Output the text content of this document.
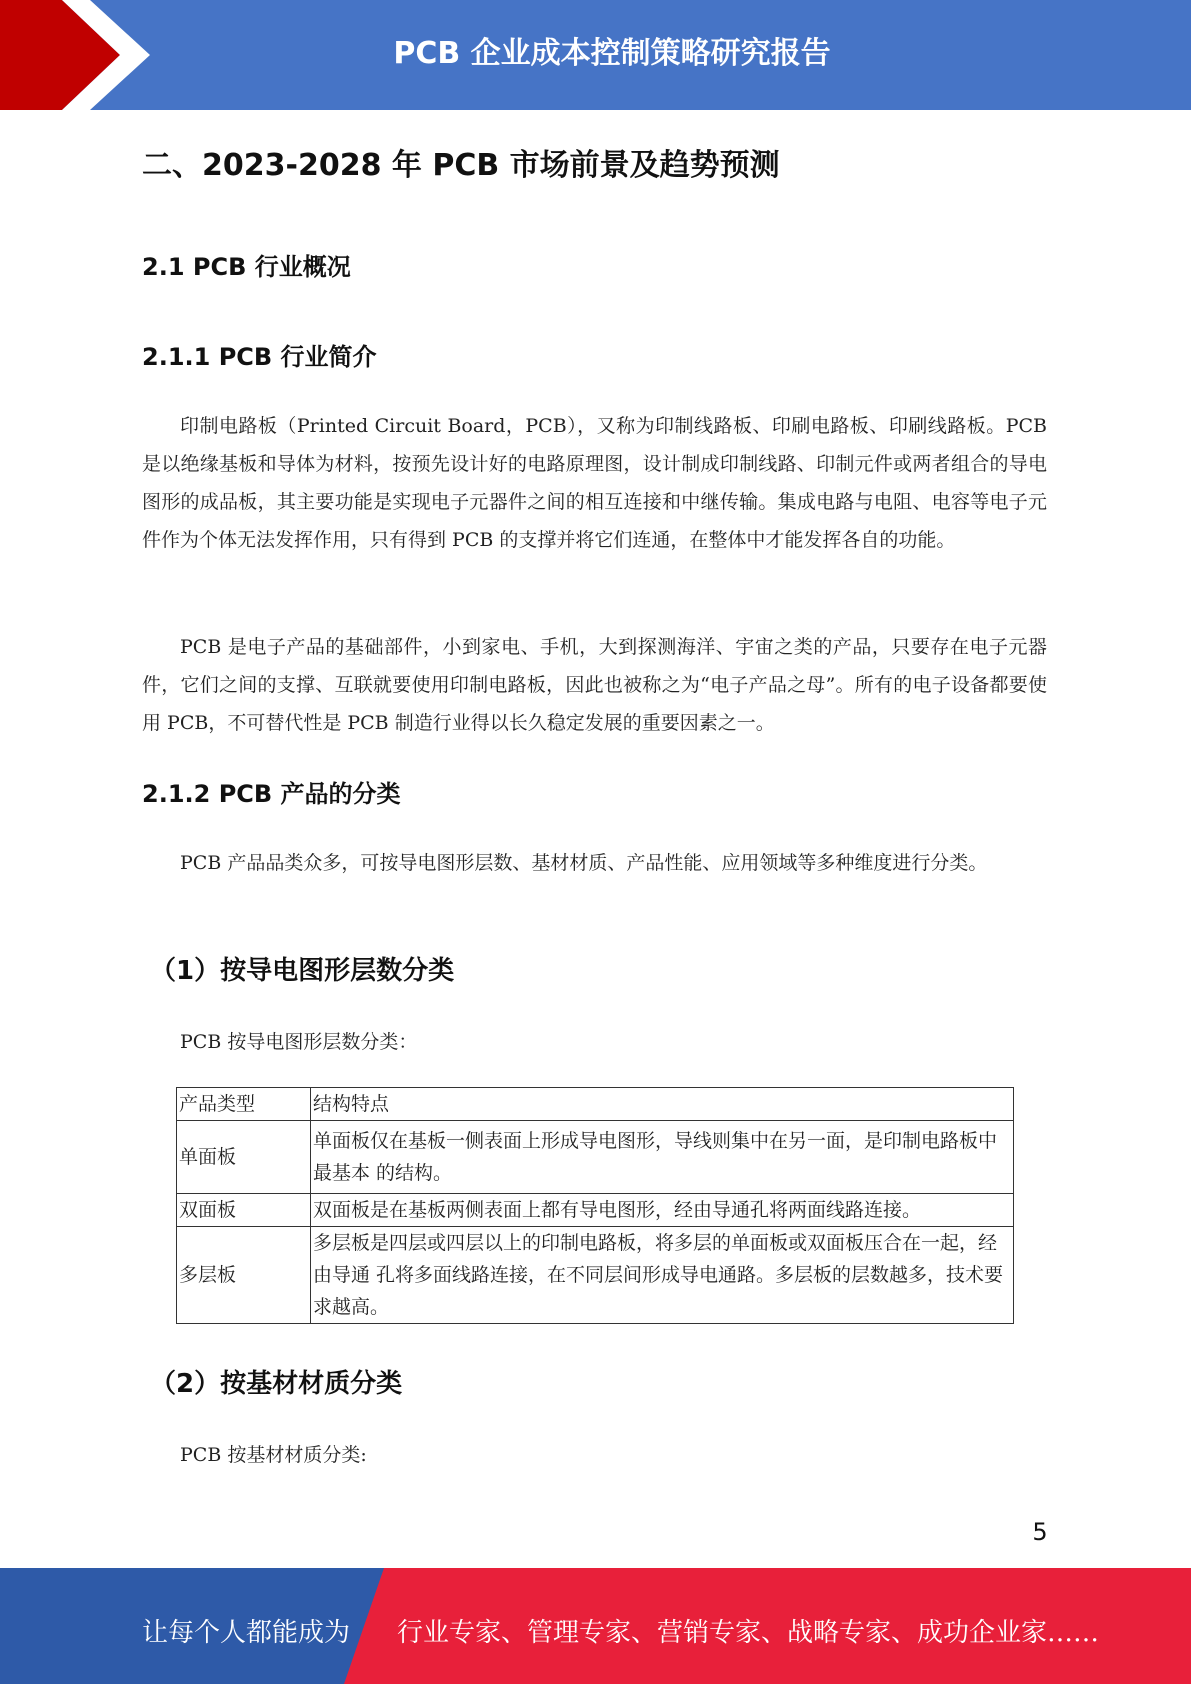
PCB 企业成本控制策略研究报告
二、2023-2028 年 PCB 市场前景及趋势预测
2.1 PCB 行业概况
2.1.1 PCB 行业简介

印制电路板（Printed Circuit Board，PCB），又称为印制线路板、印刷电路板、印刷线路板。PCB 是以绝缘基板和导体为材料，按预先设计好的电路原理图，设计制成印制线路、印制元件或两者组合的导电图形的成品板，其主要功能是实现电子元器件之间的相互连接和中继传输。集成电路与电阻、电容等电子元件作为个体无法发挥作用，只有得到 PCB 的支撑并将它们连通，在整体中才能发挥各自的功能。

PCB 是电子产品的基础部件，小到家电、手机，大到探测海洋、宇宙之类的产品，只要存在电子元器件，它们之间的支撑、互联就要使用印制电路板，因此也被称之为“电子产品之母”。所有的电子设备都要使用 PCB，不可替代性是 PCB 制造行业得以长久稳定发展的重要因素之一。

2.1.2 PCB 产品的分类

PCB 产品品类众多，可按导电图形层数、基材材质、产品性能、应用领域等多种维度进行分类。

（1）按导电图形层数分类

PCB 按导电图形层数分类：

产品类型	结构特点
单面板	单面板仅在基板一侧表面上形成导电图形，导线则集中在另一面，是印制电路板中最基本 的结构。
双面板	双面板是在基板两侧表面上都有导电图形，经由导通孔将两面线路连接。
多层板	多层板是四层或四层以上的印制电路板，将多层的单面板或双面板压合在一起，经由导通 孔将多面线路连接，在不同层间形成导电通路。多层板的层数越多，技术要求越高。
（2）按基材材质分类

PCB 按基材材质分类:

5
让每个人都能成为 行业专家、管理专家、营销专家、战略专家、成功企业家……
